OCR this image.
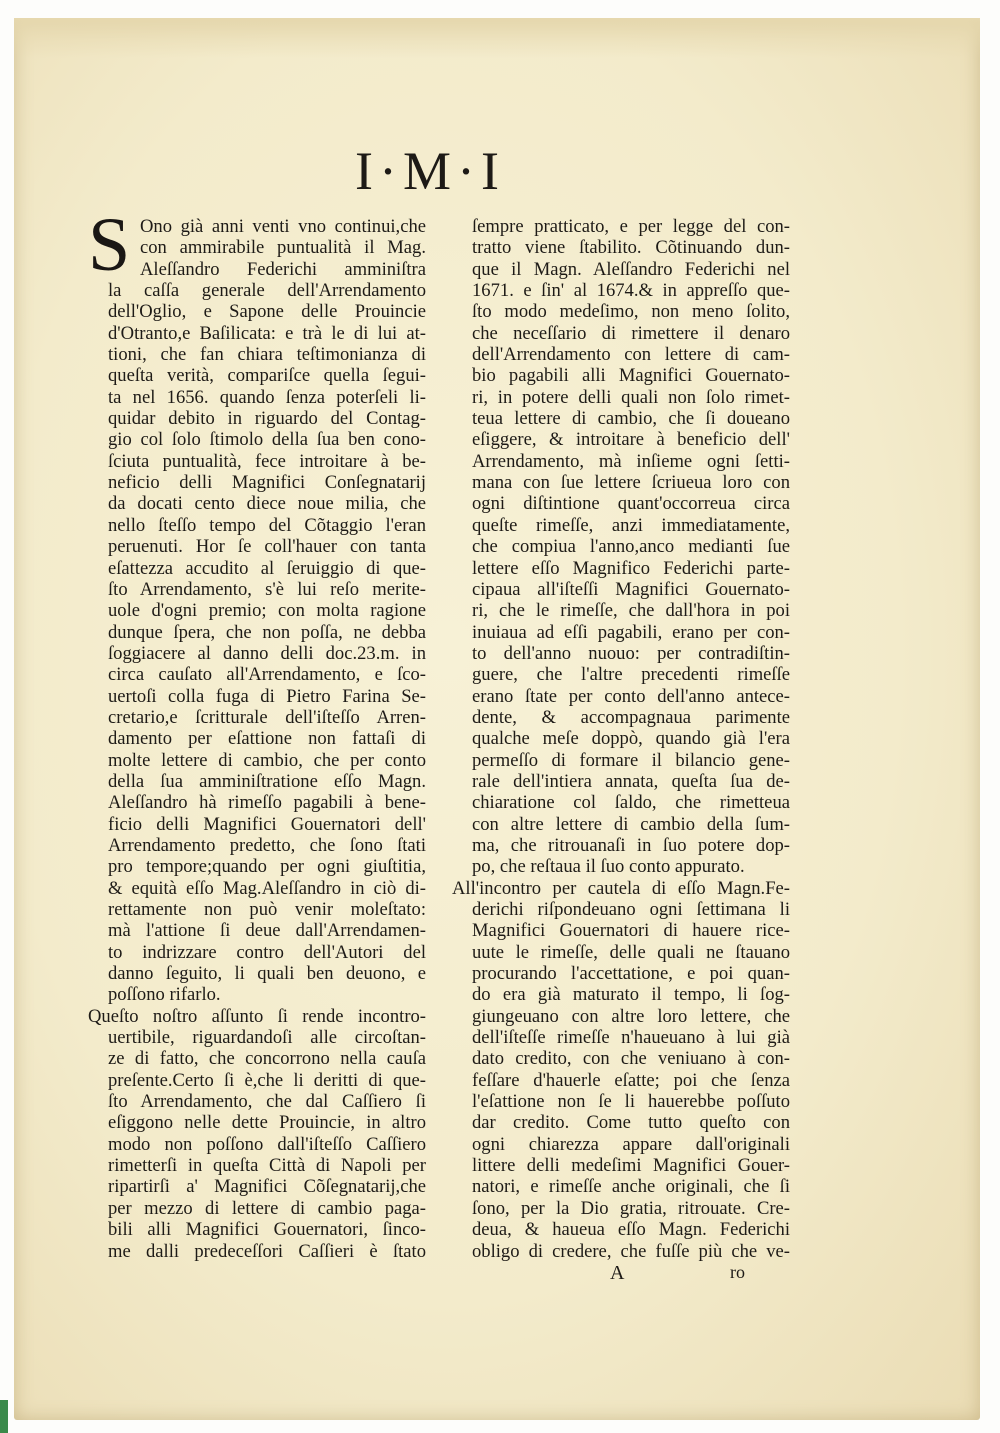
I·M·I
S Ono già anni venti vno continui,che
con ammirabile puntualità il Mag.
Aleſſandro Federichi amminiſtra
la caſſa generale dell'Arrendamento
dell'Oglio, e Sapone delle Prouincie
d'Otranto,e Baſilicata: e trà le di lui at-
tioni, che fan chiara teſtimonianza di
queſta verità, compariſce quella ſegui-
ta nel 1656. quando ſenza poterſeli li-
quidar debito in riguardo del Contag-
gio col ſolo ſtimolo della ſua ben cono-
ſciuta puntualità, fece introitare à be-
neficio delli Magnifici Conſegnatarij
da docati cento diece noue milia, che
nello ſteſſo tempo del Cõtaggio l'eran
peruenuti. Hor ſe coll'hauer con tanta
eſattezza accudito al ſeruiggio di que-
ſto Arrendamento, s'è lui reſo merite-
uole d'ogni premio; con molta ragione
dunque ſpera, che non poſſa, ne debba
ſoggiacere al danno delli doc.23.m. in
circa cauſato all'Arrendamento, e ſco-
uertoſi colla fuga di Pietro Farina Se-
cretario,e ſcritturale dell'iſteſſo Arren-
damento per eſattione non fattaſi di
molte lettere di cambio, che per conto
della ſua amminiſtratione eſſo Magn.
Aleſſandro hà rimeſſo pagabili à bene-
ficio delli Magnifici Gouernatori dell'
Arrendamento predetto, che ſono ſtati
pro tempore;quando per ogni giuſtitia,
& equità eſſo Mag.Aleſſandro in ciò di-
rettamente non può venir moleſtato:
mà l'attione ſi deue dall'Arrendamen-
to indrizzare contro dell'Autori del
danno ſeguito, li quali ben deuono, e
poſſono rifarlo.
Queſto noſtro aſſunto ſi rende incontro-
uertibile, riguardandoſi alle circoſtan-
ze di fatto, che concorrono nella cauſa
preſente.Certo ſi è,che li deritti di que-
ſto Arrendamento, che dal Caſſiero ſi
eſiggono nelle dette Prouincie, in altro
modo non poſſono dall'iſteſſo Caſſiero
rimetterſi in queſta Città di Napoli per
ripartirſi a' Magnifici Cõſegnatarij,che
per mezzo di lettere di cambio paga-
bili alli Magnifici Gouernatori, ſinco-
me dalli predeceſſori Caſſieri è ſtato
ſempre pratticato, e per legge del con-
tratto viene ſtabilito. Cõtinuando dun-
que il Magn. Aleſſandro Federichi nel
1671. e ſin' al 1674.& in appreſſo que-
ſto modo medeſimo, non meno ſolito,
che neceſſario di rimettere il denaro
dell'Arrendamento con lettere di cam-
bio pagabili alli Magnifici Gouernato-
ri, in potere delli quali non ſolo rimet-
teua lettere di cambio, che ſi doueano
eſiggere, & introitare à beneficio dell'
Arrendamento, mà inſieme ogni ſetti-
mana con ſue lettere ſcriueua loro con
ogni diſtintione quant'occorreua circa
queſte rimeſſe, anzi immediatamente,
che compiua l'anno,anco medianti ſue
lettere eſſo Magnifico Federichi parte-
cipaua all'iſteſſi Magnifici Gouernato-
ri, che le rimeſſe, che dall'hora in poi
inuiaua ad eſſi pagabili, erano per con-
to dell'anno nuouo: per contradiſtin-
guere, che l'altre precedenti rimeſſe
erano ſtate per conto dell'anno antece-
dente, & accompagnaua parimente
qualche meſe doppò, quando già l'era
permeſſo di formare il bilancio gene-
rale dell'intiera annata, queſta ſua de-
chiaratione col ſaldo, che rimetteua
con altre lettere di cambio della ſum-
ma, che ritrouanaſi in ſuo potere dop-
po, che reſtaua il ſuo conto appurato.
All'incontro per cautela di eſſo Magn.Fe-
derichi riſpondeuano ogni ſettimana li
Magnifici Gouernatori di hauere rice-
uute le rimeſſe, delle quali ne ſtauano
procurando l'accettatione, e poi quan-
do era già maturato il tempo, li ſog-
giungeuano con altre loro lettere, che
dell'iſteſſe rimeſſe n'haueuano à lui già
dato credito, con che veniuano à con-
feſſare d'hauerle eſatte; poi che ſenza
l'eſattione non ſe li hauerebbe poſſuto
dar credito. Come tutto queſto con
ogni chiarezza appare dall'originali
littere delli medeſimi Magnifici Gouer-
natori, e rimeſſe anche originali, che ſi
ſono, per la Dio gratia, ritrouate. Cre-
deua, & haueua eſſo Magn. Federichi
obligo di credere, che fuſſe più che ve-
A	ro
